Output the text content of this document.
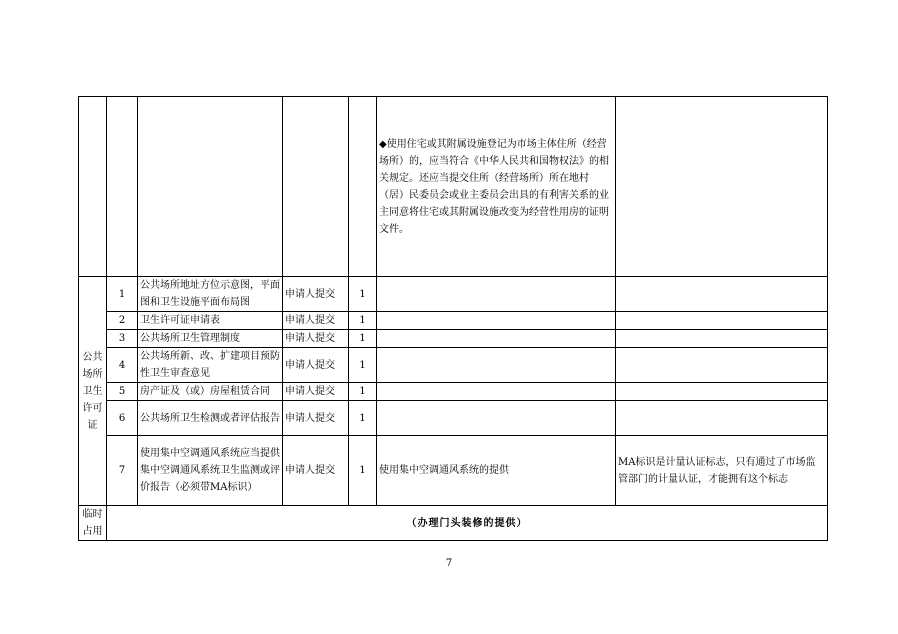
					◆使用住宅或其附属设施登记为市场主体住所（经营场所）的，应当符合《中华人民共和国物权法》的相关规定。还应当提交住所（经营场所）所在地村（居）民委员会或业主委员会出具的有利害关系的业主同意将住宅或其附属设施改变为经营性用房的证明文件。	
公共场所卫生许可证	1	公共场所地址方位示意图，平面图和卫生设施平面布局图	申请人提交	1		
	2	卫生许可证申请表	申请人提交	1		
	3	公共场所卫生管理制度	申请人提交	1		
	4	公共场所新、改、扩建项目预防性卫生审查意见	申请人提交	1		
	5	房产证及（或）房屋租赁合同	申请人提交	1		
	6	公共场所卫生检测或者评估报告	申请人提交	1		
	7	使用集中空调通风系统应当提供集中空调通风系统卫生监测或评价报告（必须带MA标识）	申请人提交	1	使用集中空调通风系统的提供	MA标识是计量认证标志，只有通过了市场监管部门的计量认证，才能拥有这个标志
临时占用	（办理门头装修的提供）					
7
